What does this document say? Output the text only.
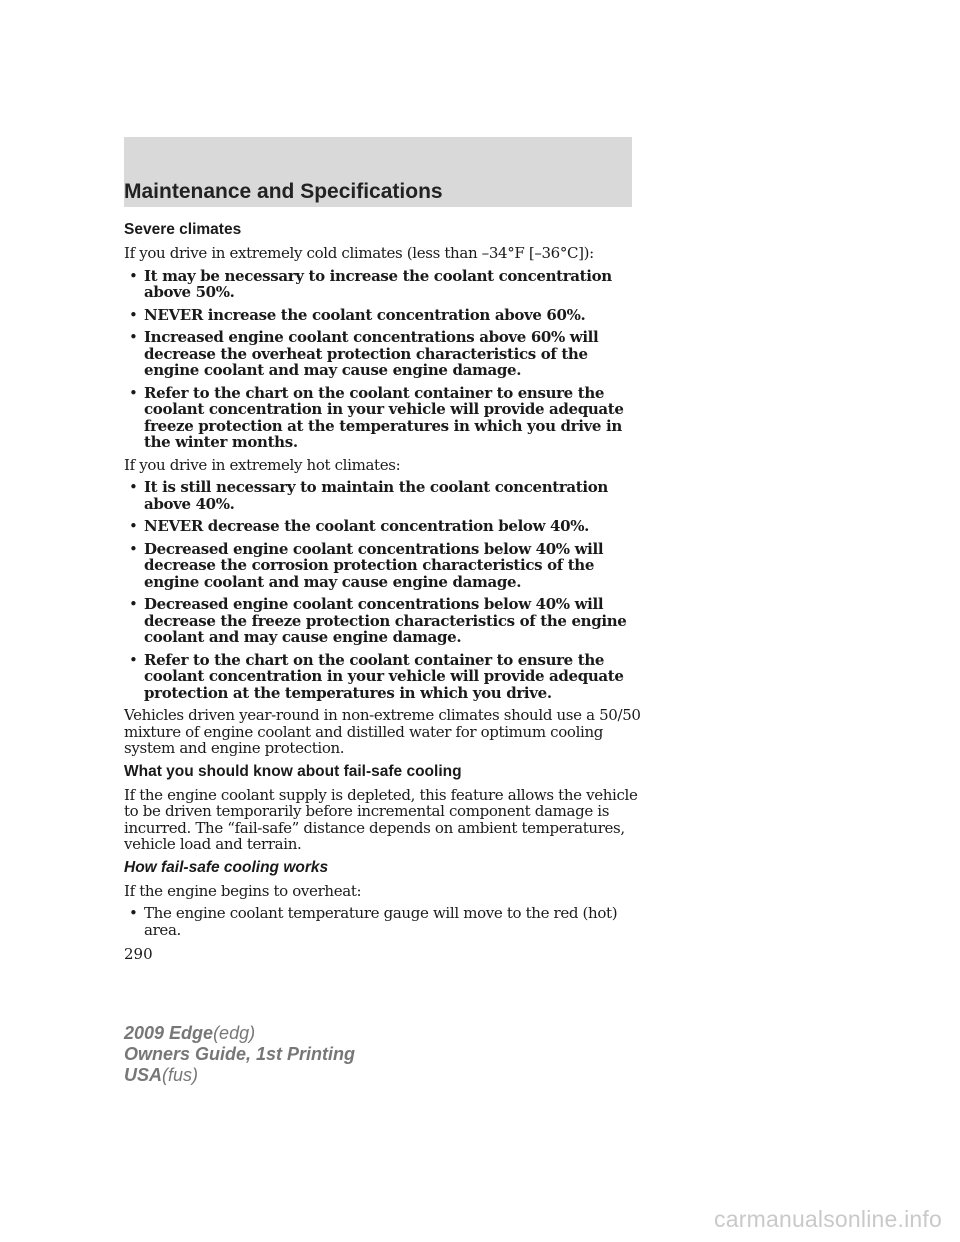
Maintenance and Specifications
Severe climates
If you drive in extremely cold climates (less than –34°F [–36°C]):
• It may be necessary to increase the coolant concentration above 50%.
• NEVER increase the coolant concentration above 60%.
• Increased engine coolant concentrations above 60% will decrease the overheat protection characteristics of the engine coolant and may cause engine damage.
• Refer to the chart on the coolant container to ensure the coolant concentration in your vehicle will provide adequate freeze protection at the temperatures in which you drive in the winter months.
If you drive in extremely hot climates:
• It is still necessary to maintain the coolant concentration above 40%.
• NEVER decrease the coolant concentration below 40%.
• Decreased engine coolant concentrations below 40% will decrease the corrosion protection characteristics of the engine coolant and may cause engine damage.
• Decreased engine coolant concentrations below 40% will decrease the freeze protection characteristics of the engine coolant and may cause engine damage.
• Refer to the chart on the coolant container to ensure the coolant concentration in your vehicle will provide adequate protection at the temperatures in which you drive.
Vehicles driven year-round in non-extreme climates should use a 50/50 mixture of engine coolant and distilled water for optimum cooling system and engine protection.
What you should know about fail-safe cooling
If the engine coolant supply is depleted, this feature allows the vehicle to be driven temporarily before incremental component damage is incurred. The “fail-safe” distance depends on ambient temperatures, vehicle load and terrain.
How fail-safe cooling works
If the engine begins to overheat:
• The engine coolant temperature gauge will move to the red (hot) area.
290
2009 Edge(edg)
Owners Guide, 1st Printing
USA(fus)
carmanualsonline.info
